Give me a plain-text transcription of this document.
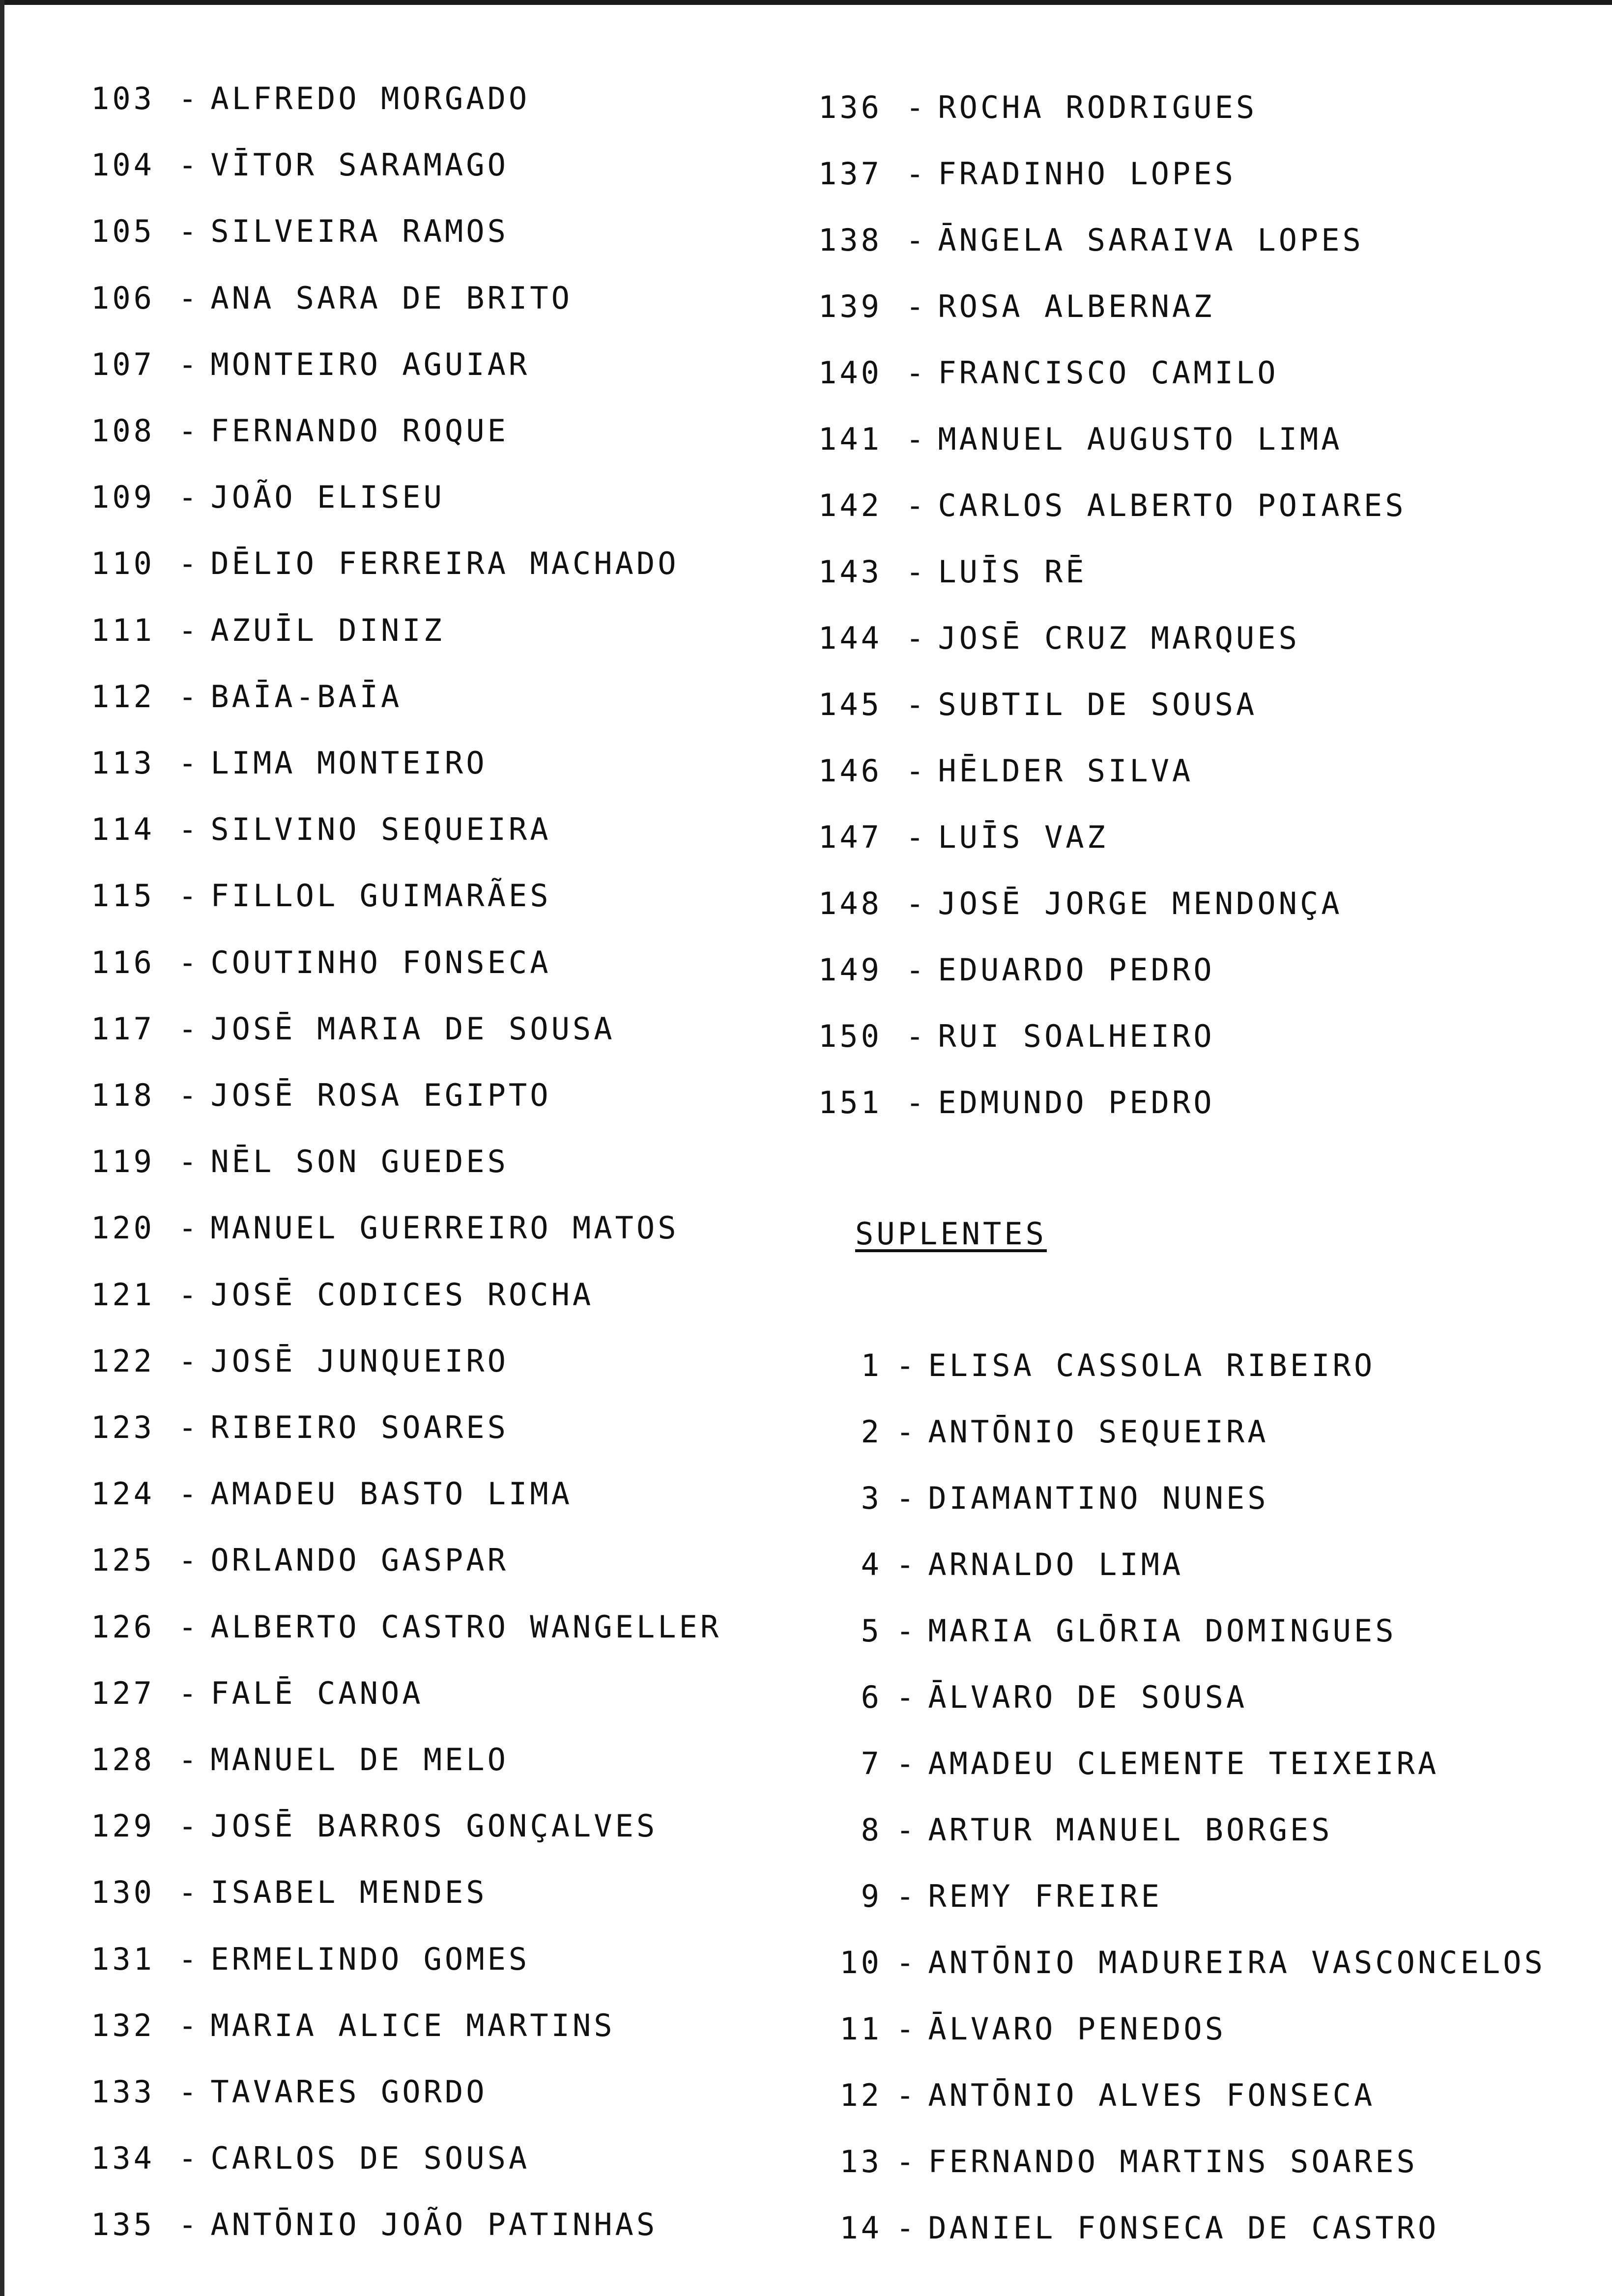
103 - ALFREDO MORGADO
104 - VĪTOR SARAMAGO
105 - SILVEIRA RAMOS
106 - ANA SARA DE BRITO
107 - MONTEIRO AGUIAR
108 - FERNANDO ROQUE
109 - JOÃO ELISEU
110 - DĒLIO FERREIRA MACHADO
111 - AZUĪL DINIZ
112 - BAĪA-BAĪA
113 - LIMA MONTEIRO
114 - SILVINO SEQUEIRA
115 - FILLOL GUIMARÃES
116 - COUTINHO FONSECA
117 - JOSĒ MARIA DE SOUSA
118 - JOSĒ ROSA EGIPTO
119 - NĒL SON GUEDES
120 - MANUEL GUERREIRO MATOS
121 - JOSĒ CODICES ROCHA
122 - JOSĒ JUNQUEIRO
123 - RIBEIRO SOARES
124 - AMADEU BASTO LIMA
125 - ORLANDO GASPAR
126 - ALBERTO CASTRO WANGELLER
127 - FALĒ CANOA
128 - MANUEL DE MELO
129 - JOSĒ BARROS GONÇALVES
130 - ISABEL MENDES
131 - ERMELINDO GOMES
132 - MARIA ALICE MARTINS
133 - TAVARES GORDO
134 - CARLOS DE SOUSA
135 - ANTŌNIO JOÃO PATINHAS
136 - ROCHA RODRIGUES
137 - FRADINHO LOPES
138 - ĀNGELA SARAIVA LOPES
139 - ROSA ALBERNAZ
140 - FRANCISCO CAMILO
141 - MANUEL AUGUSTO LIMA
142 - CARLOS ALBERTO POIARES
143 - LUĪS RĒ
144 - JOSĒ CRUZ MARQUES
145 - SUBTIL DE SOUSA
146 - HĒLDER SILVA
147 - LUĪS VAZ
148 - JOSĒ JORGE MENDONÇA
149 - EDUARDO PEDRO
150 - RUI SOALHEIRO
151 - EDMUNDO PEDRO
SUPLENTES
1 - ELISA CASSOLA RIBEIRO
2 - ANTŌNIO SEQUEIRA
3 - DIAMANTINO NUNES
4 - ARNALDO LIMA
5 - MARIA GLŌRIA DOMINGUES
6 - ĀLVARO DE SOUSA
7 - AMADEU CLEMENTE TEIXEIRA
8 - ARTUR MANUEL BORGES
9 - REMY FREIRE
10 - ANTŌNIO MADUREIRA VASCONCELOS
11 - ĀLVARO PENEDOS
12 - ANTŌNIO ALVES FONSECA
13 - FERNANDO MARTINS SOARES
14 - DANIEL FONSECA DE CASTRO
